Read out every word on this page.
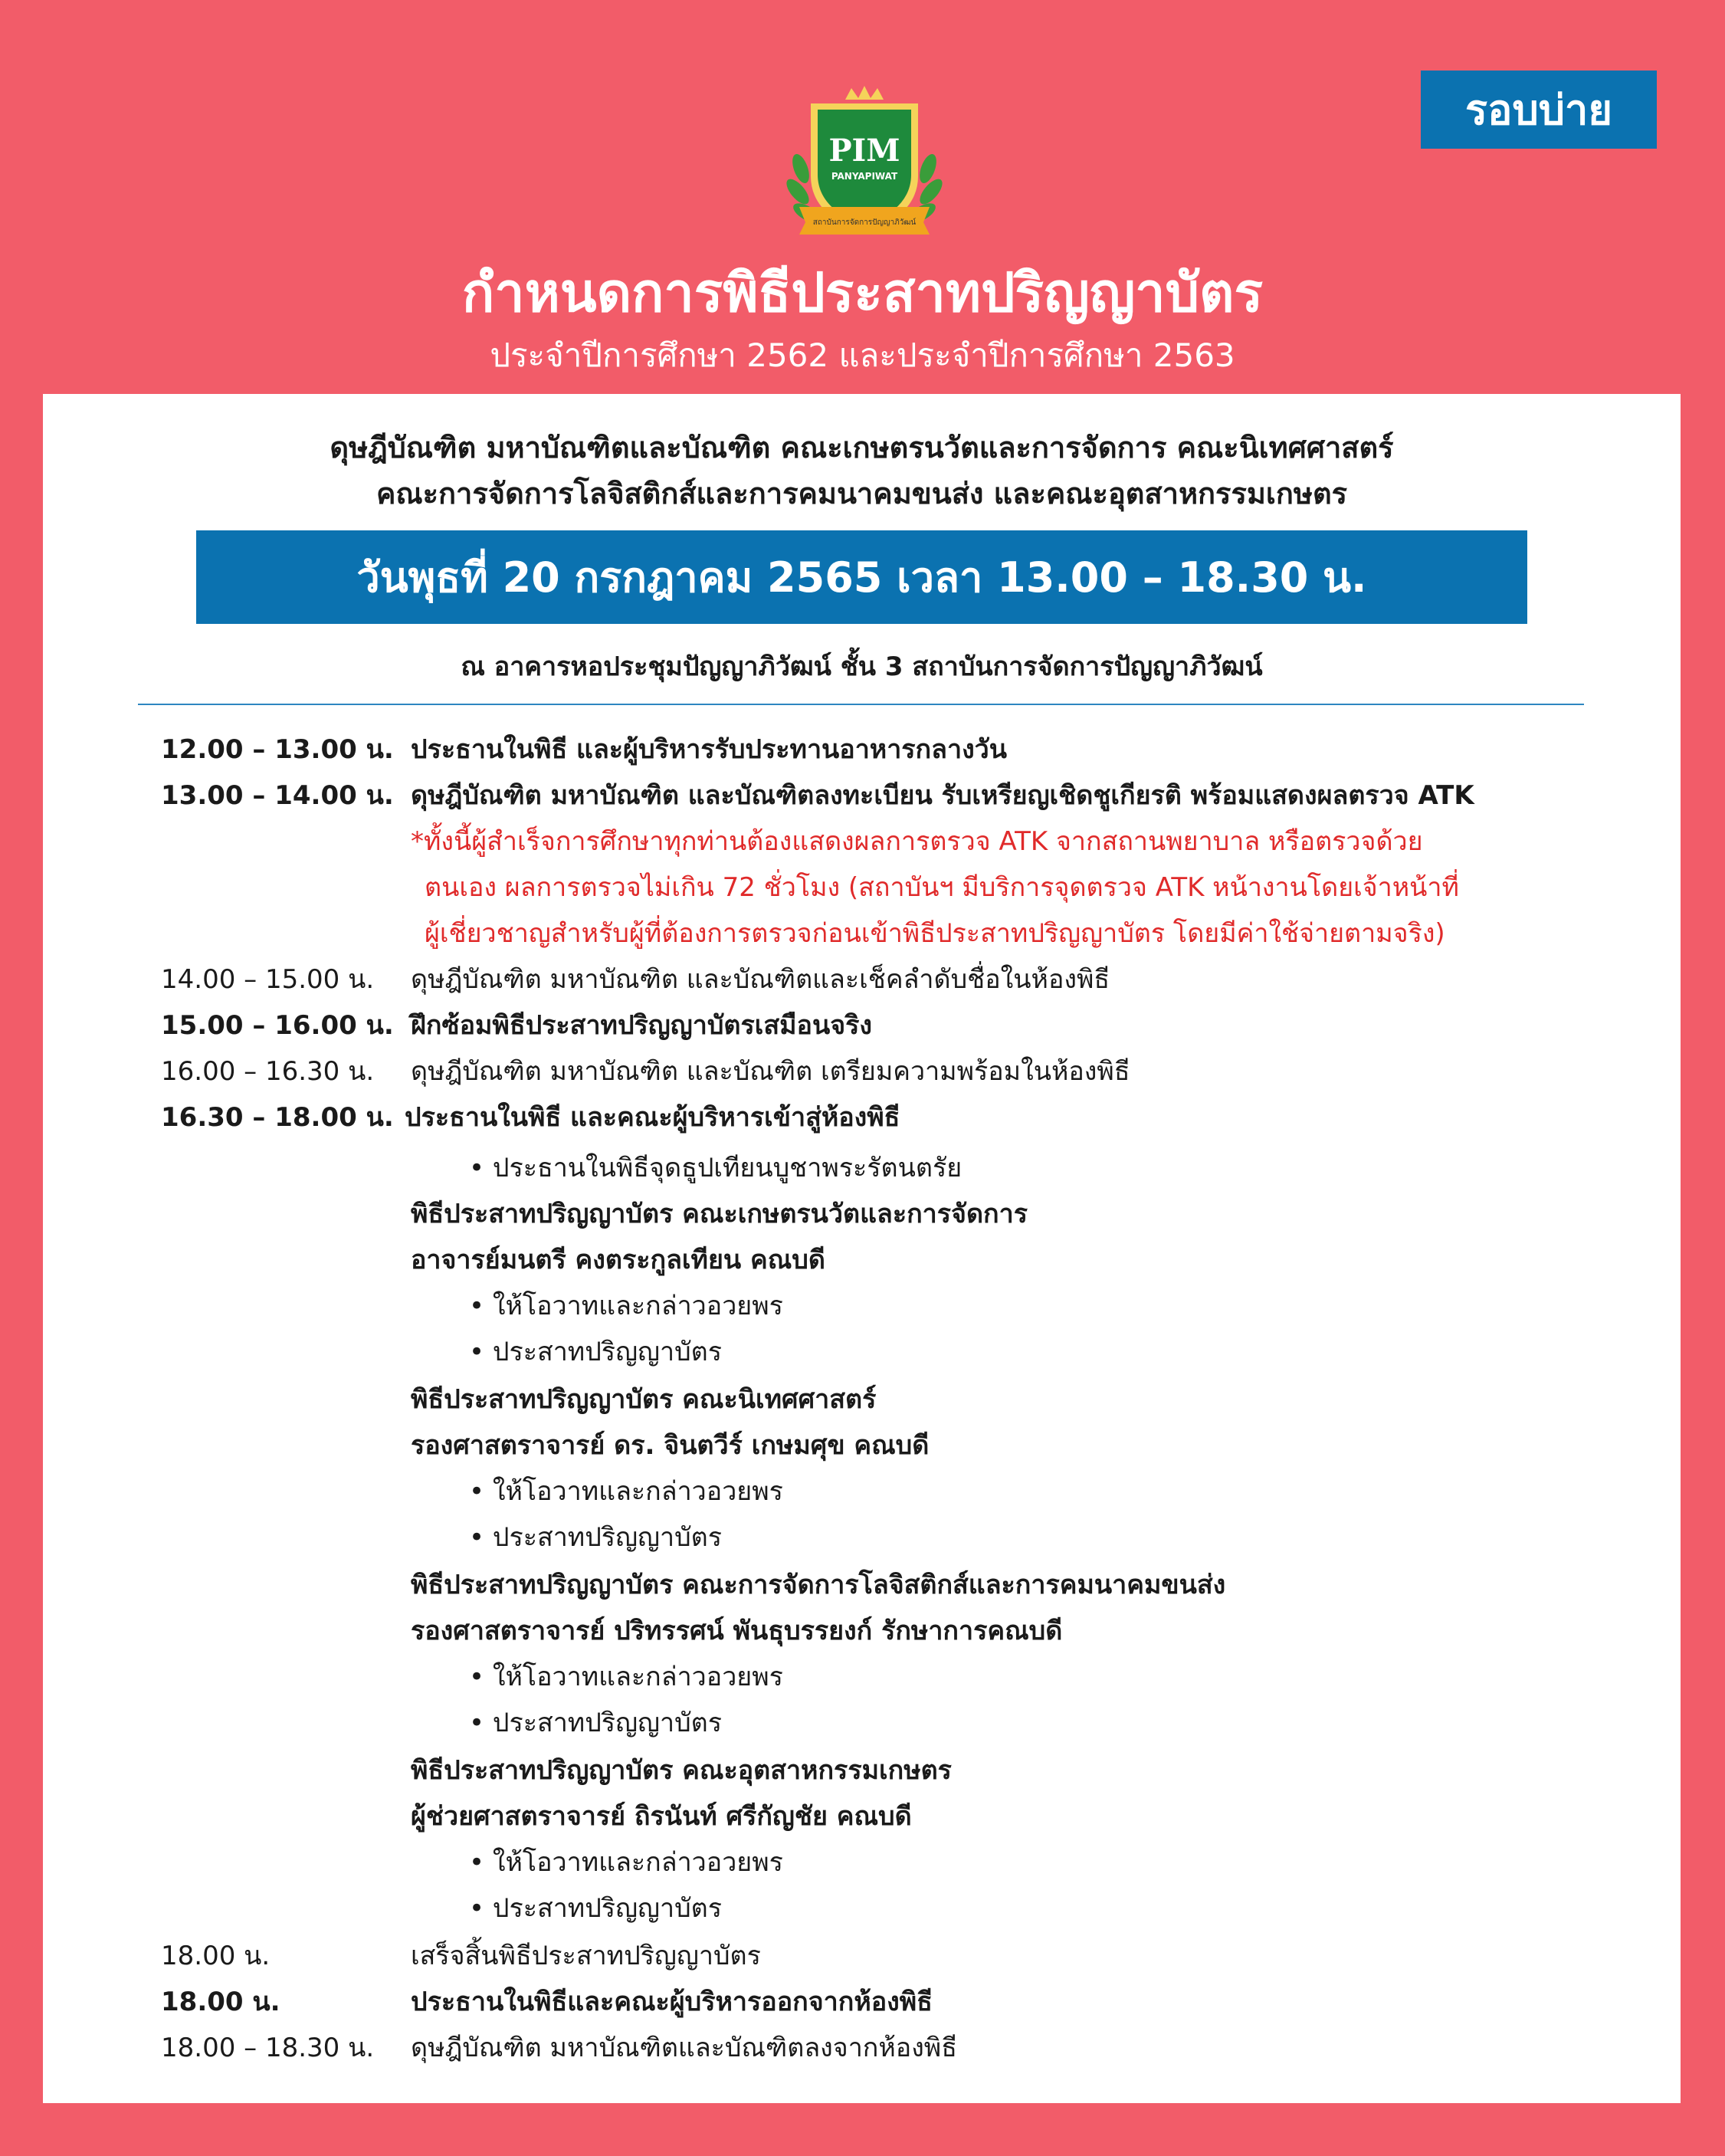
รอบบ่าย
PIM
PANYAPIWAT
สถาบันการจัดการปัญญาภิวัฒน์
กำหนดการพิธีประสาทปริญญาบัตร
ประจำปีการศึกษา 2562 และประจำปีการศึกษา 2563
ดุษฎีบัณฑิต มหาบัณฑิตและบัณฑิต คณะเกษตรนวัตและการจัดการ คณะนิเทศศาสตร์
คณะการจัดการโลจิสติกส์และการคมนาคมขนส่ง และคณะอุตสาหกรรมเกษตร
วันพุธที่ 20 กรกฎาคม 2565 เวลา 13.00 – 18.30 น.
ณ อาคารหอประชุมปัญญาภิวัฒน์ ชั้น 3 สถาบันการจัดการปัญญาภิวัฒน์
12.00 – 13.00 น. ประธานในพิธี และผู้บริหารรับประทานอาหารกลางวัน
13.00 – 14.00 น. ดุษฎีบัณฑิต มหาบัณฑิต และบัณฑิตลงทะเบียน รับเหรียญเชิดชูเกียรติ พร้อมแสดงผลตรวจ ATK
*ทั้งนี้ผู้สำเร็จการศึกษาทุกท่านต้องแสดงผลการตรวจ ATK จากสถานพยาบาล หรือตรวจด้วย
ตนเอง ผลการตรวจไม่เกิน 72 ชั่วโมง (สถาบันฯ มีบริการจุดตรวจ ATK หน้างานโดยเจ้าหน้าที่
ผู้เชี่ยวชาญสำหรับผู้ที่ต้องการตรวจก่อนเข้าพิธีประสาทปริญญาบัตร โดยมีค่าใช้จ่ายตามจริง)
14.00 – 15.00 น. ดุษฎีบัณฑิต มหาบัณฑิต และบัณฑิตและเช็คลำดับชื่อในห้องพิธี
15.00 – 16.00 น. ฝึกซ้อมพิธีประสาทปริญญาบัตรเสมือนจริง
16.00 – 16.30 น. ดุษฎีบัณฑิต มหาบัณฑิต และบัณฑิต เตรียมความพร้อมในห้องพิธี
16.30 – 18.00 น. ประธานในพิธี และคณะผู้บริหารเข้าสู่ห้องพิธี
• ประธานในพิธีจุดธูปเทียนบูชาพระรัตนตรัย
พิธีประสาทปริญญาบัตร คณะเกษตรนวัตและการจัดการ
อาจารย์มนตรี คงตระกูลเทียน คณบดี
• ให้โอวาทและกล่าวอวยพร
• ประสาทปริญญาบัตร
พิธีประสาทปริญญาบัตร คณะนิเทศศาสตร์
รองศาสตราจารย์ ดร. จินตวีร์ เกษมศุข คณบดี
• ให้โอวาทและกล่าวอวยพร
• ประสาทปริญญาบัตร
พิธีประสาทปริญญาบัตร คณะการจัดการโลจิสติกส์และการคมนาคมขนส่ง
รองศาสตราจารย์ ปริทรรศน์ พันธุบรรยงก์ รักษาการคณบดี
• ให้โอวาทและกล่าวอวยพร
• ประสาทปริญญาบัตร
พิธีประสาทปริญญาบัตร คณะอุตสาหกรรมเกษตร
ผู้ช่วยศาสตราจารย์ ถิรนันท์ ศรีกัญชัย คณบดี
• ให้โอวาทและกล่าวอวยพร
• ประสาทปริญญาบัตร
18.00 น.	เสร็จสิ้นพิธีประสาทปริญญาบัตร
18.00 น.	ประธานในพิธีและคณะผู้บริหารออกจากห้องพิธี
18.00 – 18.30 น. ดุษฎีบัณฑิต มหาบัณฑิตและบัณฑิตลงจากห้องพิธี
